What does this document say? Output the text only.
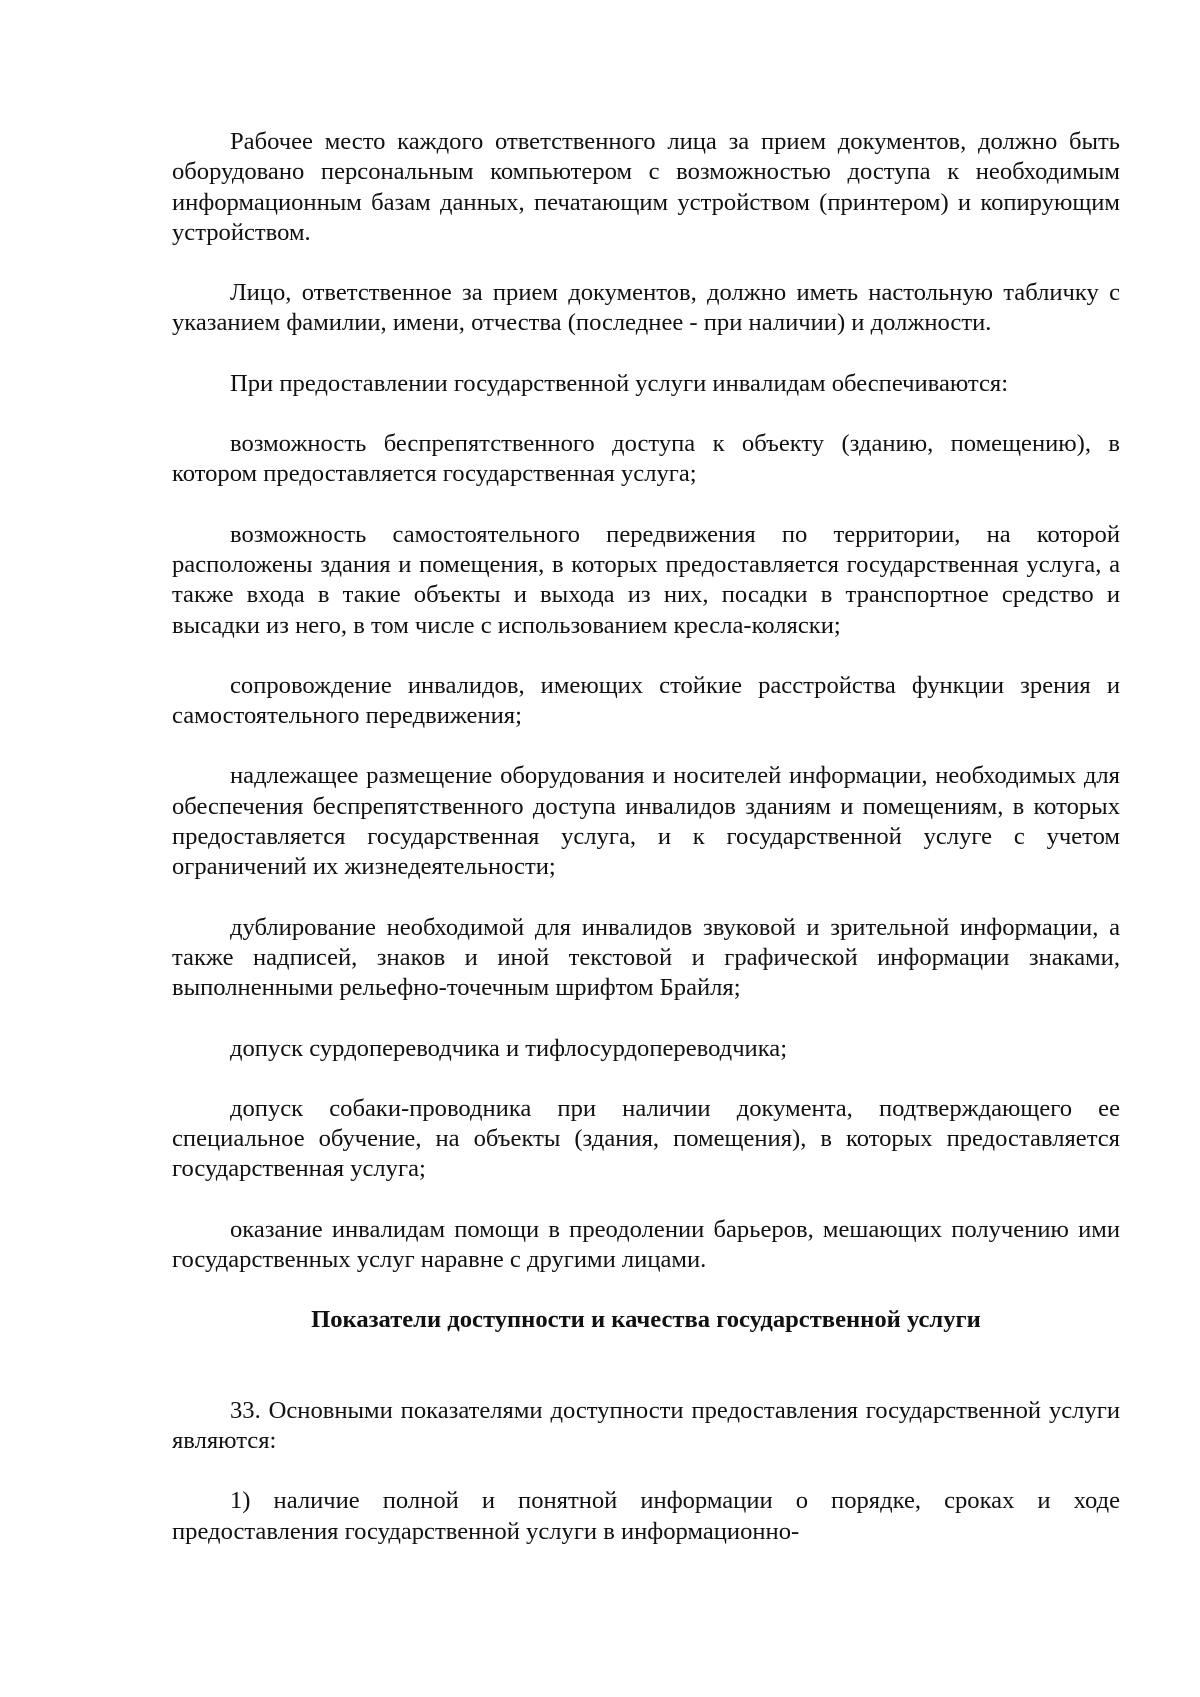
Рабочее место каждого ответственного лица за прием документов, должно быть оборудовано персональным компьютером с возможностью доступа к необходимым информационным базам данных, печатающим устройством (принтером) и копирующим устройством.

Лицо, ответственное за прием документов, должно иметь настольную табличку с указанием фамилии, имени, отчества (последнее - при наличии) и должности.

При предоставлении государственной услуги инвалидам обеспечиваются:

возможность беспрепятственного доступа к объекту (зданию, помещению), в котором предоставляется государственная услуга;

возможность самостоятельного передвижения по территории, на которой расположены здания и помещения, в которых предоставляется государственная услуга, а также входа в такие объекты и выхода из них, посадки в транспортное средство и высадки из него, в том числе с использованием кресла-коляски;

сопровождение инвалидов, имеющих стойкие расстройства функции зрения и самостоятельного передвижения;

надлежащее размещение оборудования и носителей информации, необходимых для обеспечения беспрепятственного доступа инвалидов зданиям и помещениям, в которых предоставляется государственная услуга, и к государственной услуге с учетом ограничений их жизнедеятельности;

дублирование необходимой для инвалидов звуковой и зрительной информации, а также надписей, знаков и иной текстовой и графической информации знаками, выполненными рельефно-точечным шрифтом Брайля;

допуск сурдопереводчика и тифлосурдопереводчика;

допуск собаки-проводника при наличии документа, подтверждающего ее специальное обучение, на объекты (здания, помещения), в которых предоставляется государственная услуга;

оказание инвалидам помощи в преодолении барьеров, мешающих получению ими государственных услуг наравне с другими лицами.

Показатели доступности и качества государственной услуги

33. Основными показателями доступности предоставления государственной услуги являются:

1) наличие полной и понятной информации о порядке, сроках и ходе предоставления государственной услуги в информационно-
